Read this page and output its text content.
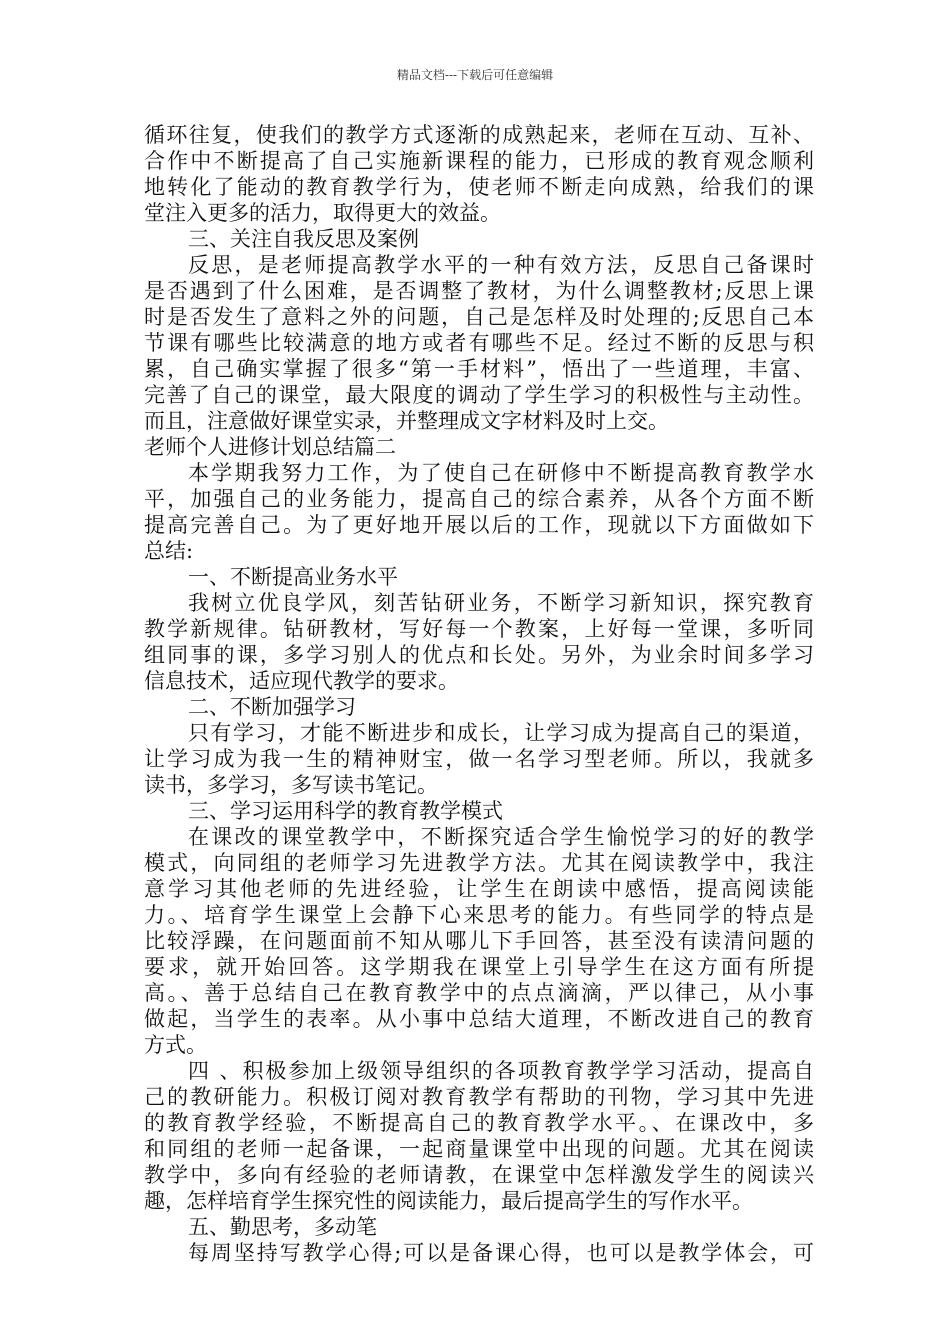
精品文档---下载后可任意编辑
循环往复，使我们的教学方式逐渐的成熟起来，老师在互动、互补、
合作中不断提高了自己实施新课程的能力，已形成的教育观念顺利
地转化了能动的教育教学行为，使老师不断走向成熟，给我们的课
堂注入更多的活力，取得更大的效益。
三、关注自我反思及案例
反思，是老师提高教学水平的一种有效方法，反思自己备课时
是否遇到了什么困难，是否调整了教材，为什么调整教材;反思上课
时是否发生了意料之外的问题，自己是怎样及时处理的;反思自己本
节课有哪些比较满意的地方或者有哪些不足。经过不断的反思与积
累，自己确实掌握了很多“第一手材料”，悟出了一些道理，丰富、
完善了自己的课堂，最大限度的调动了学生学习的积极性与主动性。
而且，注意做好课堂实录，并整理成文字材料及时上交。
老师个人进修计划总结篇二
本学期我努力工作，为了使自己在研修中不断提高教育教学水
平，加强自己的业务能力，提高自己的综合素养，从各个方面不断
提高完善自己。为了更好地开展以后的工作，现就以下方面做如下
总结:
一、不断提高业务水平
我树立优良学风，刻苦钻研业务，不断学习新知识，探究教育
教学新规律。钻研教材，写好每一个教案，上好每一堂课，多听同
组同事的课，多学习别人的优点和长处。另外，为业余时间多学习
信息技术，适应现代教学的要求。
二、不断加强学习
只有学习，才能不断进步和成长，让学习成为提高自己的渠道，
让学习成为我一生的精神财宝，做一名学习型老师。所以，我就多
读书，多学习，多写读书笔记。
三、学习运用科学的教育教学模式
在课改的课堂教学中，不断探究适合学生愉悦学习的好的教学
模式，向同组的老师学习先进教学方法。尤其在阅读教学中，我注
意学习其他老师的先进经验，让学生在朗读中感悟，提高阅读能
力。、培育学生课堂上会静下心来思考的能力。有些同学的特点是
比较浮躁，在问题面前不知从哪儿下手回答，甚至没有读清问题的
要求，就开始回答。这学期我在课堂上引导学生在这方面有所提
高。、善于总结自己在教育教学中的点点滴滴，严以律己，从小事
做起，当学生的表率。从小事中总结大道理，不断改进自己的教育
方式。
四 、积极参加上级领导组织的各项教育教学学习活动，提高自
己的教研能力。积极订阅对教育教学有帮助的刊物，学习其中先进
的教育教学经验，不断提高自己的教育教学水平。、在课改中，多
和同组的老师一起备课，一起商量课堂中出现的问题。尤其在阅读
教学中，多向有经验的老师请教，在课堂中怎样激发学生的阅读兴
趣，怎样培育学生探究性的阅读能力，最后提高学生的写作水平。
五、勤思考，多动笔
每周坚持写教学心得;可以是备课心得，也可以是教学体会，可
